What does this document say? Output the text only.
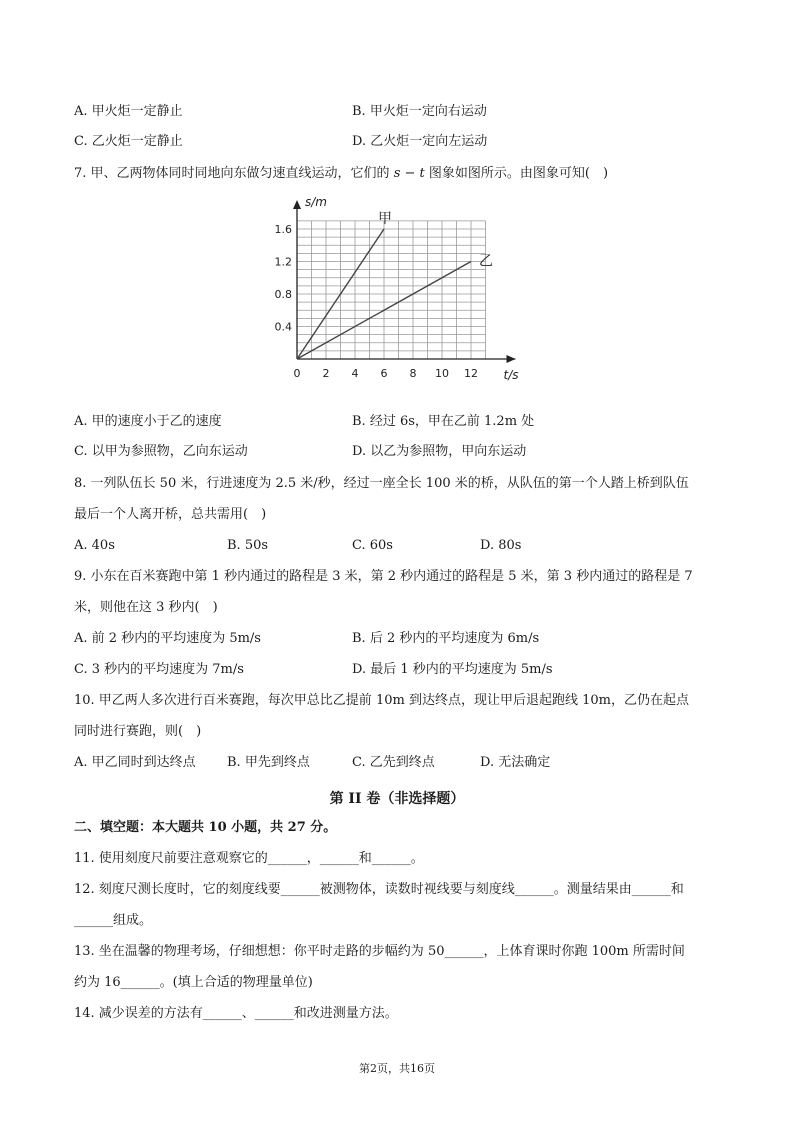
A. 甲火炬一定静止	B. 甲火炬一定向右运动
C. 乙火炬一定静止	D. 乙火炬一定向左运动
7. 甲、乙两物体同时同地向东做匀速直线运动，它们的 s − t 图象如图所示。由图象可知(　)
0 2 4 6 8 10 12
0.4
0.8
1.2
1.6
甲
乙
s/m
t/s
A. 甲的速度小于乙的速度	B. 经过 6s，甲在乙前 1.2m 处
C. 以甲为参照物，乙向东运动	D. 以乙为参照物，甲向东运动
8. 一列队伍长 50 米，行进速度为 2.5 米/秒，经过一座全长 100 米的桥，从队伍的第一个人踏上桥到队伍
最后一个人离开桥，总共需用(　)
A. 40s	B. 50s	C. 60s	D. 80s
9. 小东在百米赛跑中第 1 秒内通过的路程是 3 米，第 2 秒内通过的路程是 5 米，第 3 秒内通过的路程是 7
米，则他在这 3 秒内(　)
A. 前 2 秒内的平均速度为 5m/s	B. 后 2 秒内的平均速度为 6m/s
C. 3 秒内的平均速度为 7m/s	D. 最后 1 秒内的平均速度为 5m/s
10. 甲乙两人多次进行百米赛跑，每次甲总比乙提前 10m 到达终点，现让甲后退起跑线 10m，乙仍在起点
同时进行赛跑，则(　)
A. 甲乙同时到达终点 B. 甲先到终点	C. 乙先到终点	D. 无法确定
第 II 卷（非选择题）
二、填空题：本大题共 10 小题，共 27 分。
11. 使用刻度尺前要注意观察它的______，______和______。
12. 刻度尺测长度时，它的刻度线要______被测物体，读数时视线要与刻度线______。测量结果由______和
______组成。
13. 坐在温馨的物理考场，仔细想想：你平时走路的步幅约为 50______，上体育课时你跑 100m 所需时间
约为 16______。(填上合适的物理量单位)
14. 减少误差的方法有______、______和改进测量方法。
第2页，共16页
